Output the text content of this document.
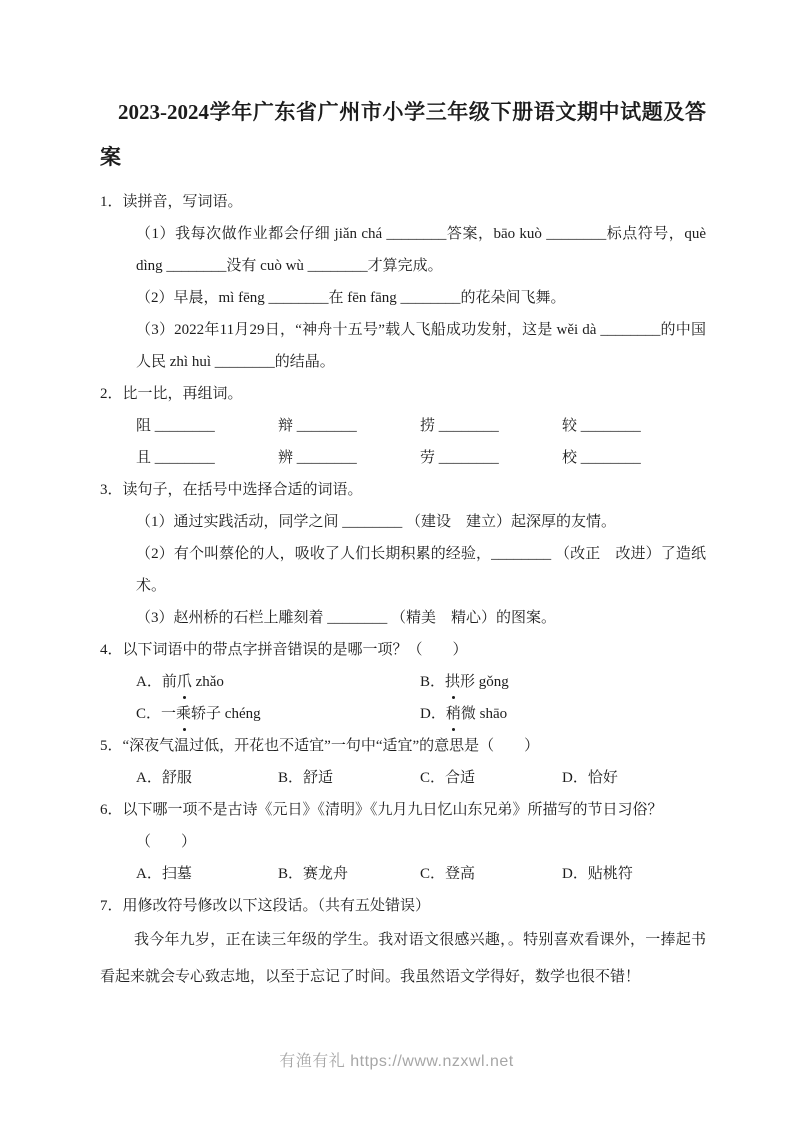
2023-2024学年广东省广州市小学三年级下册语文期中试题及答案

1．读拼音，写词语。

（1）我每次做作业都会仔细 jiǎn chá ________答案，bāo kuò ________标点符号，què dìng ________没有 cuò wù ________才算完成。

（2）早晨，mì fēng ________在 fēn fāng ________的花朵间飞舞。

（3）2022年11月29日，“神舟十五号”载人飞船成功发射，这是 wěi dà ________的中国人民 zhì huì ________的结晶。

2．比一比，再组词。

阻 ________	辩 ________	捞 ________	较 ________
且 ________	辨 ________	劳 ________	校 ________

3．读句子，在括号中选择合适的词语。

（1）通过实践活动，同学之间 ________ （建设　建立）起深厚的友情。

（2）有个叫蔡伦的人，吸收了人们长期积累的经验，________ （改正　改进）了造纸术。

（3）赵州桥的石栏上雕刻着 ________ （精美　精心）的图案。

4．以下词语中的带点字拼音错误的是哪一项？（　　）

A．前爪 zhǎo	B．拱形 gǒng
C．一乘轿子 chéng	D．稍微 shāo

5．“深夜气温过低，开花也不适宜”一句中“适宜”的意思是（　　）

A．舒服	B．舒适	C．合适	D．恰好

6．以下哪一项不是古诗《元日》《清明》《九月九日忆山东兄弟》所描写的节日习俗？

（　　）

A．扫墓	B．赛龙舟	C．登高	D．贴桃符

7．用修改符号修改以下这段话。（共有五处错误）

我今年九岁，正在读三年级的学生。我对语文很感兴趣，。特别喜欢看课外，一捧起书看起来就会专心致志地，以至于忘记了时间。我虽然语文学得好，数学也很不错！

有渔有礼 https://www.nzxwl.net
